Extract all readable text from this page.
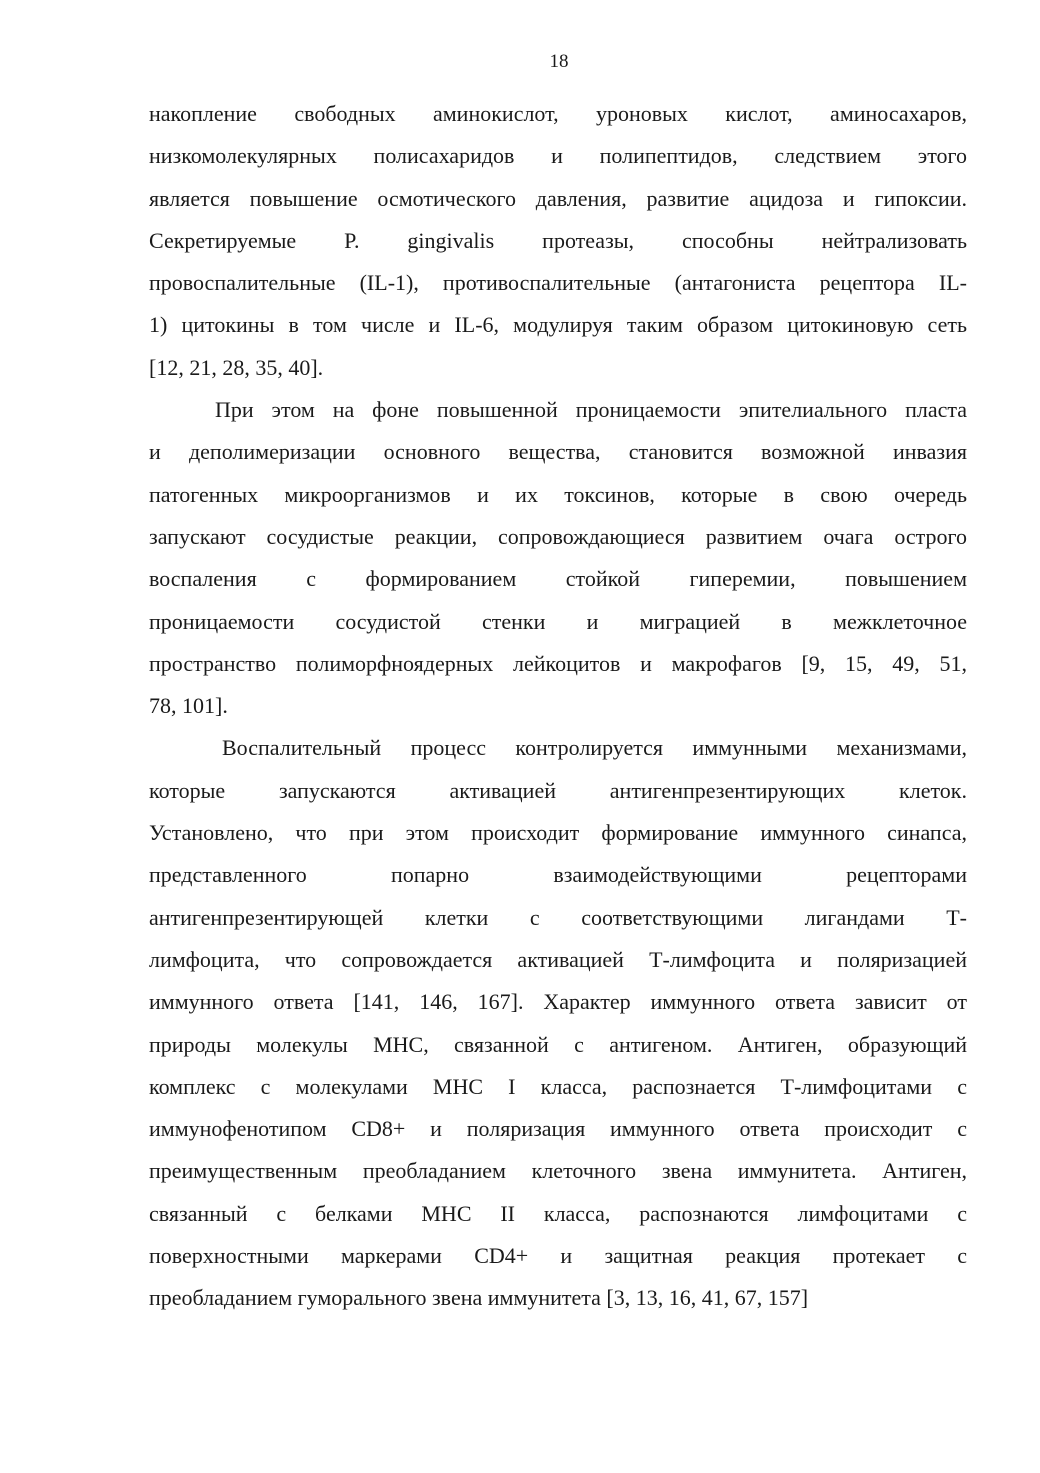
18
накопление свободных аминокислот, уроновых кислот, аминосахаров,
низкомолекулярных полисахаридов и полипептидов, следствием этого
является повышение осмотического давления, развитие ацидоза и гипоксии.
Секретируемые P. gingivalis протеазы, способны нейтрализовать
провоспалительные (IL-1), противоспалительные (антагониста рецептора IL-
1) цитокины в том числе и IL-6, модулируя таким образом цитокиновую сеть
[12, 21, 28, 35, 40].
При этом на фоне повышенной проницаемости эпителиального пласта
и деполимеризации основного вещества, становится возможной инвазия
патогенных микроорганизмов и их токсинов, которые в свою очередь
запускают сосудистые реакции, сопровождающиеся развитием очага острого
воспаления с формированием стойкой гиперемии, повышением
проницаемости сосудистой стенки и миграцией в межклеточное
пространство полиморфноядерных лейкоцитов и макрофагов [9, 15, 49, 51,
78, 101].
Воспалительный процесс контролируется иммунными механизмами,
которые запускаются активацией антигенпрезентирующих клеток.
Установлено, что при этом происходит формирование иммунного синапса,
представленного попарно взаимодействующими рецепторами
антигенпрезентирующей клетки с соответствующими лигандами Т-
лимфоцита, что сопровождается активацией Т-лимфоцита и поляризацией
иммунного ответа [141, 146, 167]. Характер иммунного ответа зависит от
природы молекулы МНС, связанной с антигеном. Антиген, образующий
комплекс с молекулами МНС I класса, распознается Т-лимфоцитами с
иммунофенотипом CD8+ и поляризация иммунного ответа происходит с
преимущественным преобладанием клеточного звена иммунитета. Антиген,
связанный с белками МНС II класса, распознаются лимфоцитами с
поверхностными маркерами CD4+ и защитная реакция протекает с
преобладанием гуморального звена иммунитета [3, 13, 16, 41, 67, 157]
